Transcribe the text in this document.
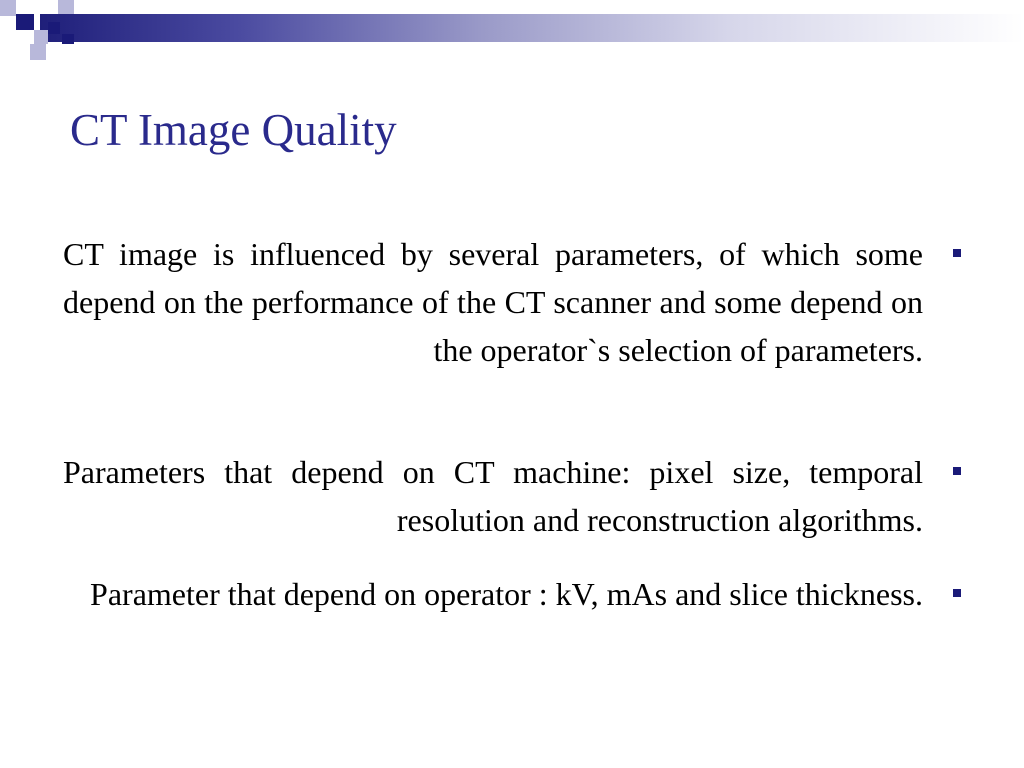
CT Image Quality
CT image is influenced by several parameters, of which some depend on the performance of the CT scanner and some depend on the operator`s selection of parameters.
Parameters that depend on CT machine: pixel size, temporal resolution and reconstruction algorithms.
Parameter that depend on operator : kV, mAs and slice thickness.
